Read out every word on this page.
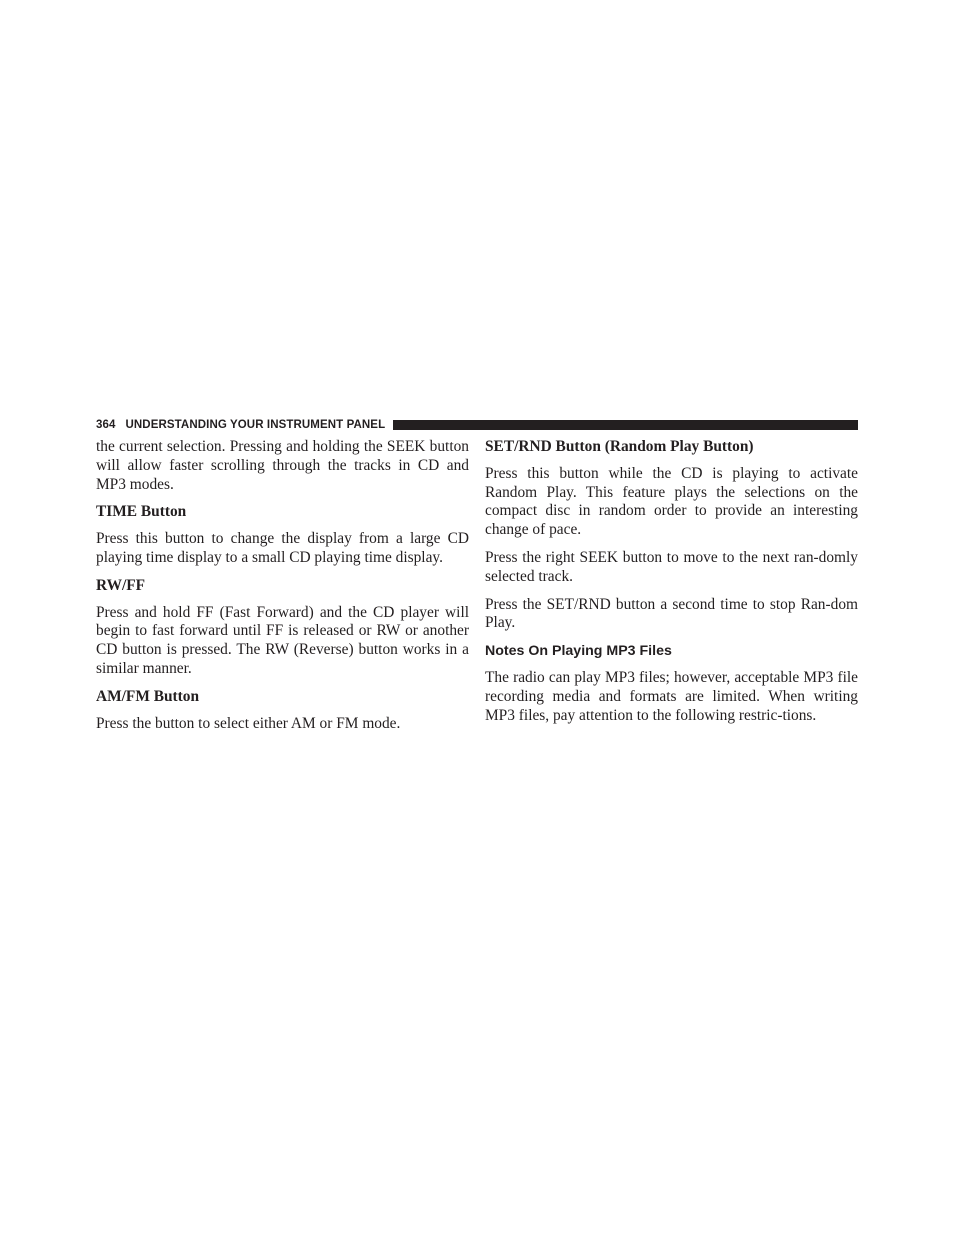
364 UNDERSTANDING YOUR INSTRUMENT PANEL

the current selection. Pressing and holding the SEEK button will allow faster scrolling through the tracks in CD and MP3 modes.

TIME Button

Press this button to change the display from a large CD playing time display to a small CD playing time display.

RW/FF

Press and hold FF (Fast Forward) and the CD player will begin to fast forward until FF is released or RW or another CD button is pressed. The RW (Reverse) button works in a similar manner.

AM/FM Button

Press the button to select either AM or FM mode.

SET/RND Button (Random Play Button)

Press this button while the CD is playing to activate Random Play. This feature plays the selections on the compact disc in random order to provide an interesting change of pace.

Press the right SEEK button to move to the next ran-domly selected track.

Press the SET/RND button a second time to stop Ran-dom Play.

Notes On Playing MP3 Files

The radio can play MP3 files; however, acceptable MP3 file recording media and formats are limited. When writing MP3 files, pay attention to the following restric-tions.
